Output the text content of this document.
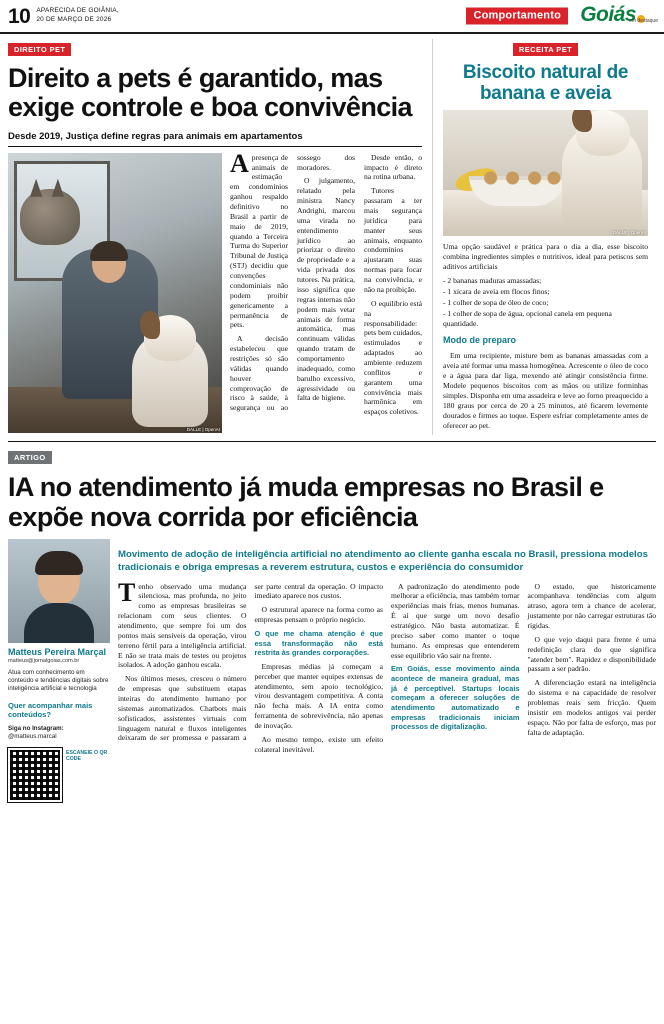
10 APARECIDA DE GOIÂNIA,
20 DE MARÇO DE 2026	Comportamento Goiás
em destaque
DIREITO PET
Direito a pets é garantido, mas exige controle e boa convivência
Desde 2019, Justiça define regras para animais em apartamentos
DALLE | OpenAI

Apresença de animais de estimação em condomínios ganhou respaldo definitivo no Brasil a partir de maio de 2019, quando a Terceira Turma do Superior Tribunal de Justiça (STJ) decidiu que convenções condominiais não podem proibir genericamente a permanência de pets.

A decisão estabeleceu que restrições só são válidas quando houver comprovação de risco à saúde, à segurança ou ao sossego dos moradores.

O julgamento, relatado pela ministra Nancy Andrighi, marcou uma virada no entendimento jurídico ao priorizar o direito de propriedade e a vida privada dos tutores. Na prática, isso significa que regras internas não podem mais vetar animais de forma automática, mas continuam válidas quando tratam de comportamento inadequado, como barulho excessivo, agressividade ou falta de higiene.

Desde então, o impacto é direto na rotina urbana.

Tutores passaram a ter mais segurança jurídica para manter seus animais, enquanto condomínios ajustaram suas normas para focar na convivência, e não na proibição.

O equilíbrio está na responsabilidade: pets bem cuidados, estimulados e adaptados ao ambiente reduzem conflitos e garantem uma convivência mais harmônica em espaços coletivos.

RECEITA PET
Biscoito natural de banana e aveia
DALLE | OpenAI

Uma opção saudável e prática para o dia a dia, esse biscoito combina ingredientes simples e nutritivos, ideal para petiscos sem aditivos artificiais

- 2 bananas maduras amassadas;
- 1 xícara de aveia em flocos finos;
- 1 colher de sopa de óleo de coco;
- 1 colher de sopa de água, opcional canela em pequena quantidade.
Modo de preparo

Em uma recipiente, misture bem as bananas amassadas com a aveia até formar uma massa homogênea. Acrescente o óleo de coco e a água para dar liga, mexendo até atingir consistência firme. Modele pequenos biscoitos com as mãos ou utilize forminhas simples. Disponha em uma assadeira e leve ao forno preaquecido a 180 graus por cerca de 20 a 25 minutos, até ficarem levemente dourados e firmes ao toque. Espere esfriar completamente antes de oferecer ao pet.

ARTIGO
IA no atendimento já muda empresas no Brasil e expõe nova corrida por eficiência
Matteus Pereira Marçal
matteus@jornalgoias.com.br
Atua com conhecimento em conteúdo e tendências digitais sobre inteligência artificial e tecnologia
Quer acompanhar mais conteúdos?
Siga no Instagram:
@matteus.marcal
ESCANEIE O QR CODE
Movimento de adoção de inteligência artificial no atendimento ao cliente ganha escala no Brasil, pressiona modelos tradicionais e obriga empresas a reverem estrutura, custos e experiência do consumidor

Tenho observado uma mudança silenciosa, mas profunda, no jeito como as empresas brasileiras se relacionam com seus clientes. O atendimento, que sempre foi um dos pontos mais sensíveis da operação, virou terreno fértil para a inteligência artificial. E não se trata mais de testes ou projetos isolados. A adoção ganhou escala.

Nos últimos meses, cresceu o número de empresas que substituem etapas inteiras do atendimento humano por sistemas automatizados. Chatbots mais sofisticados, assistentes virtuais com linguagem natural e fluxos inteligentes deixaram de ser promessa e passaram a ser parte central da operação. O impacto imediato aparece nos custos.

O estrutural aparece na forma como as empresas pensam o próprio negócio.

O que me chama atenção é que essa transformação não está restrita às grandes corporações.

Empresas médias já começam a perceber que manter equipes extensas de atendimento, sem apoio tecnológico, virou desvantagem competitiva. A conta não fecha mais. A IA entra como ferramenta de sobrevivência, não apenas de inovação.

Ao mesmo tempo, existe um efeito colateral inevitável.

A padronização do atendimento pode melhorar a eficiência, mas também tornar experiências mais frias, menos humanas. É aí que surge um novo desafio estratégico. Não basta automatizar. É preciso saber como manter o toque humano. As empresas que entenderem esse equilíbrio vão sair na frente.

Em Goiás, esse movimento ainda acontece de maneira gradual, mas já é perceptível. Startups locais começam a oferecer soluções de atendimento automatizado e empresas tradicionais iniciam processos de digitalização.

O estado, que historicamente acompanhava tendências com algum atraso, agora tem a chance de acelerar, justamente por não carregar estruturas tão rígidas.

O que vejo daqui para frente é uma redefinição clara do que significa "atender bem". Rapidez e disponibilidade passam a ser padrão.

A diferenciação estará na inteligência do sistema e na capacidade de resolver problemas reais sem fricção. Quem insistir em modelos antigos vai perder espaço. Não por falta de esforço, mas por falta de adaptação.
